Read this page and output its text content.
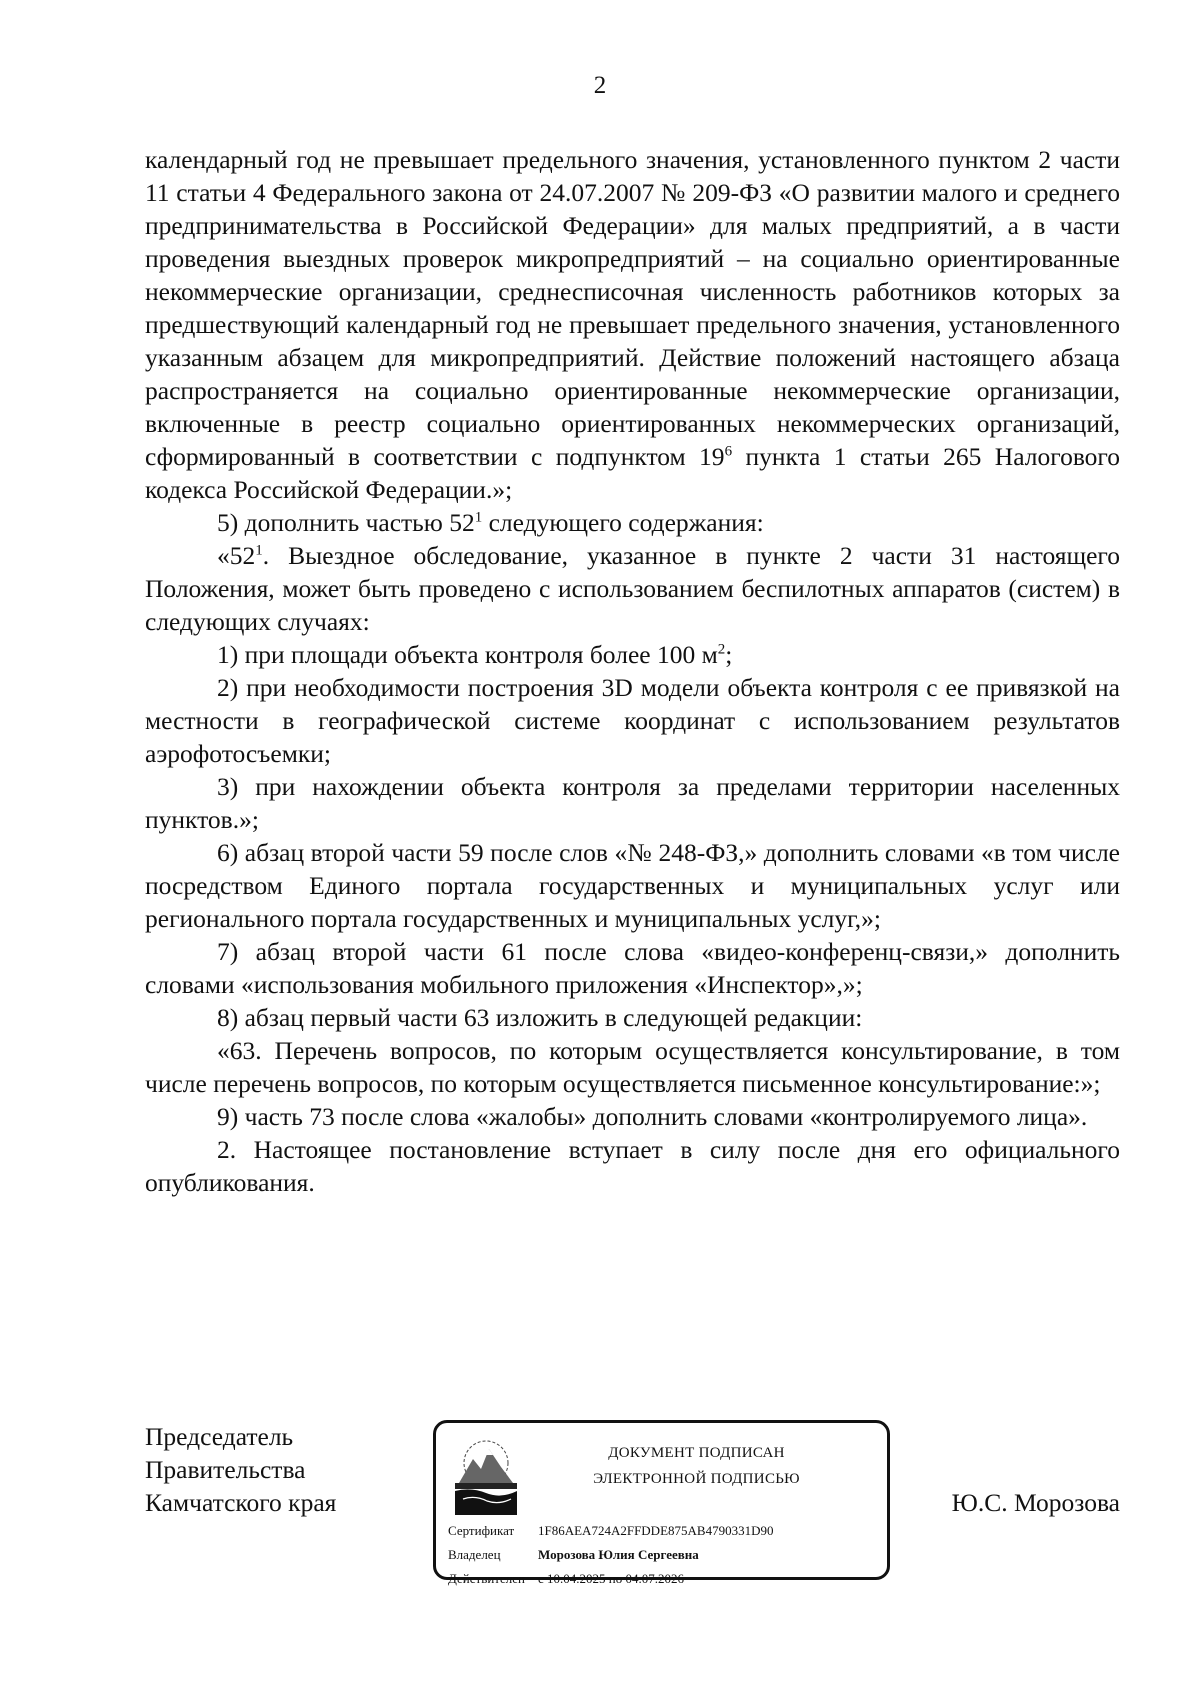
2

календарный год не превышает предельного значения, установленного пунктом 2 части 11 статьи 4 Федерального закона от 24.07.2007 № 209-ФЗ «О развитии малого и среднего предпринимательства в Российской Федерации» для малых предприятий, а в части проведения выездных проверок микропредприятий – на социально ориентированные некоммерческие организации, среднесписочная численность работников которых за предшествующий календарный год не превышает предельного значения, установленного указанным абзацем для микропредприятий. Действие положений настоящего абзаца распространяется на социально ориентированные некоммерческие организации, включенные в реестр социально ориентированных некоммерческих организаций, сформированный в соответствии с подпунктом $19^6$ пункта 1 статьи 265 Налогового кодекса Российской Федерации.»;

5) дополнить частью $52^1$ следующего содержания:

«$52^1$. Выездное обследование, указанное в пункте 2 части 31 настоящего Положения, может быть проведено с использованием беспилотных аппаратов (систем) в следующих случаях:

1) при площади объекта контроля более 100 $м^2$;

2) при необходимости построения 3D модели объекта контроля с ее привязкой на местности в географической системе координат с использованием результатов аэрофотосъемки;

3) при нахождении объекта контроля за пределами территории населенных пунктов.»;

6) абзац второй части 59 после слов «№ 248-ФЗ,» дополнить словами «в том числе посредством Единого портала государственных и муниципальных услуг или регионального портала государственных и муниципальных услуг,»;

7) абзац второй части 61 после слова «видео-конференц-связи,» дополнить словами «использования мобильного приложения «Инспектор»,»;

8) абзац первый части 63 изложить в следующей редакции:

«63. Перечень вопросов, по которым осуществляется консультирование, в том числе перечень вопросов, по которым осуществляется письменное консультирование:»;

9) часть 73 после слова «жалобы» дополнить словами «контролируемого лица».

2. Настоящее постановление вступает в силу после дня его официального опубликования.

Председатель
Правительства
Камчатского края
ДОКУМЕНТ ПОДПИСАН
ЭЛЕКТРОННОЙ ПОДПИСЬЮ
Сертификат 1F86AEA724A2FFDDE875AB4790331D90
Владелец	Морозова Юлия Сергеевна
Действителен с 10.04.2025 по 04.07.2026
Ю.С. Морозова
